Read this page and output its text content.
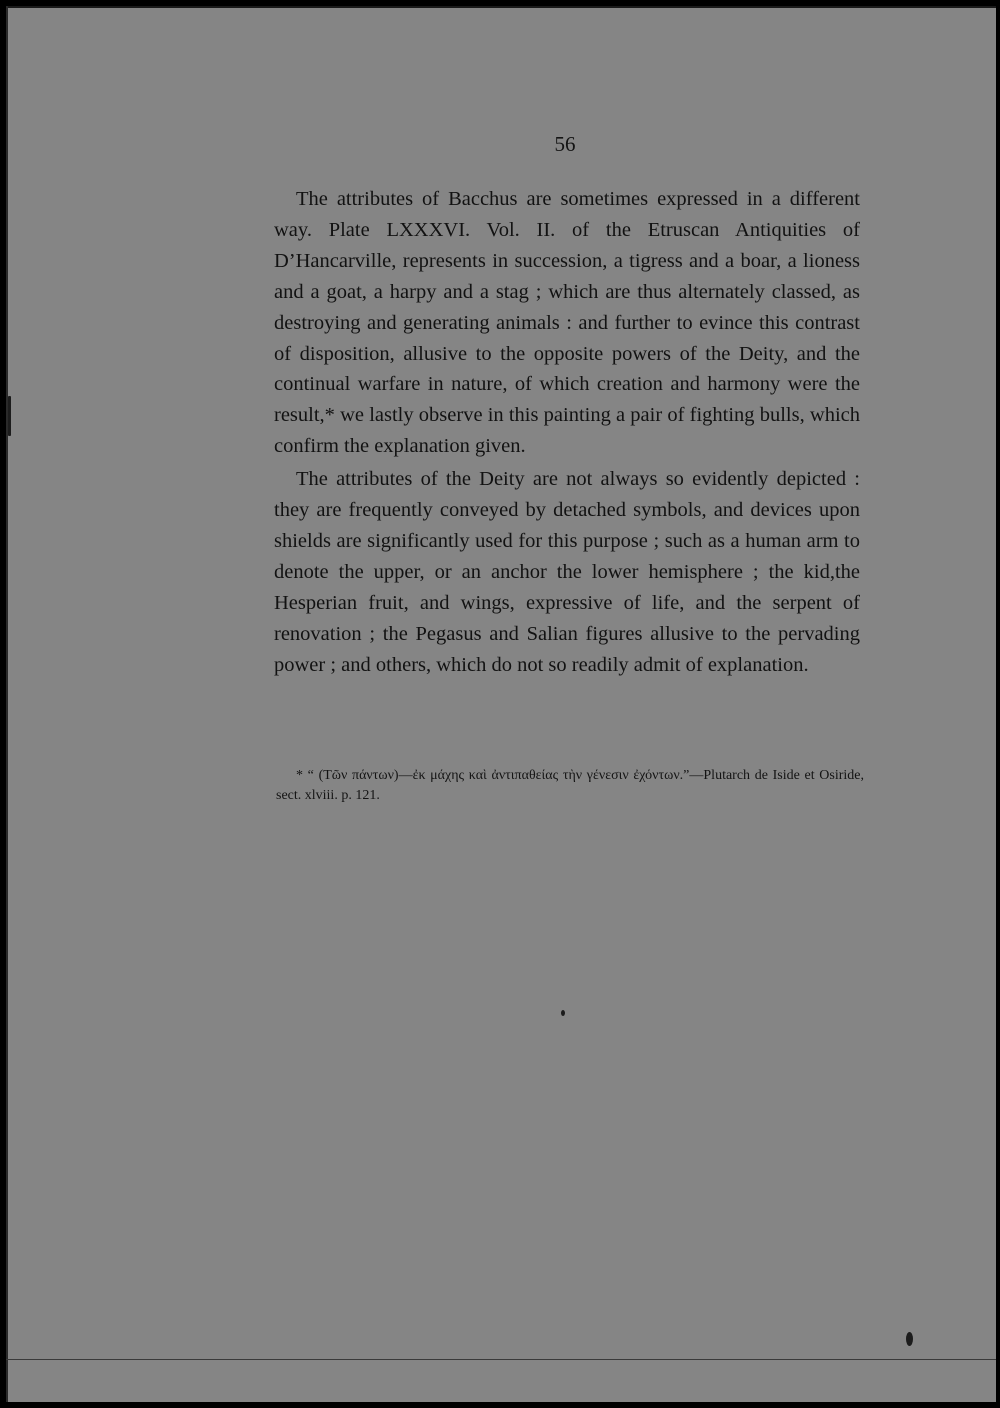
56

The attributes of Bacchus are sometimes expressed in a different way. Plate LXXXVI. Vol. II. of the Etruscan Antiquities of D’Hancarville, represents in succession, a tigress and a boar, a lioness and a goat, a harpy and a stag ; which are thus alternately classed, as destroying and generating animals : and further to evince this contrast of disposition, allusive to the opposite powers of the Deity, and the continual warfare in nature, of which creation and harmony were the result,* we lastly observe in this painting a pair of fighting bulls, which confirm the explanation given.

The attributes of the Deity are not always so evidently depicted : they are frequently conveyed by detached symbols, and devices upon shields are significantly used for this purpose ; such as a human arm to denote the upper, or an anchor the lower hemisphere ; the kid,the Hesperian fruit, and wings, expressive of life, and the serpent of renovation ; the Pegasus and Salian figures allusive to the pervading power ; and others, which do not so readily admit of explanation.

* “ (Τῶν πάντων)—ἐκ μάχης καὶ ἀντιπαθείας τὴν γένεσιν ἐχόντων.”—Plutarch de Iside et Osiride, sect. xlviii. p. 121.
